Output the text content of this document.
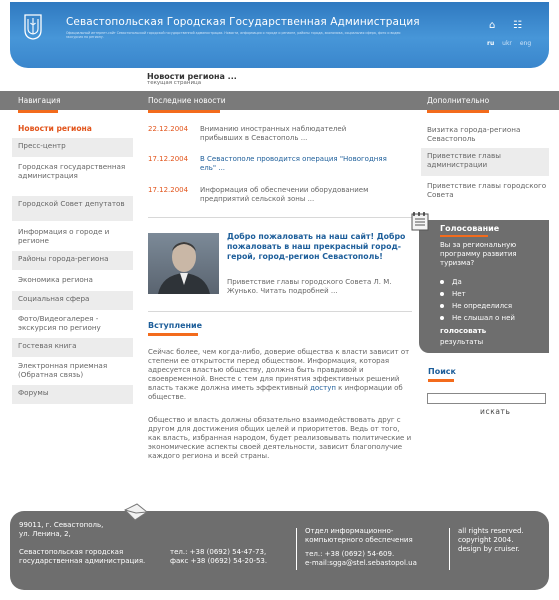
Севастопольская Городская Государственная Администрация
Официальный интернет-сайт Севастопольской городской государственной администрации. Новости, информация о городе и регионе, районы города, экономика, социальная сфера, фото и видео экскурсия по региону.
⌂ ☷
ru ukr eng
Новости региона ...
текущая страница
Навигация	Последние новости	Дополнительно
Новости региона
Пресс-центр
Городская государственная администрация
Городской Совет депутатов
Информация о городе и регионе
Районы города-региона
Экономика региона
Социальная сфера
Фото/Видеогалерея - экскурсия по региону
Гостевая книга
Электронная приемная (Обратная связь)
Форумы
22.12.2004 Вниманию иностранных наблюдателей прибывших в Севастополь ...
17.12.2004 В Севастополе проводится операция "Новогодняя ель" ...
17.12.2004 Информация об обеспечении оборудованием предприятий сельской зоны ...
Добро пожаловать на наш сайт! Добро пожаловать в наш прекрасный город-герой, город-регион Севастополь!
Приветствие главы городского Совета Л. М. Жунько. Читать подробней ...
Вступление
Сейчас более, чем когда-либо, доверие общества к власти зависит от степени ее открытости перед обществом. Информация, которая адресуется властью обществу, должна быть правдивой и своевременной. Внесте с тем для принятия эффективных решений власть также должна иметь эффективный доступ к информации об обществе.
Общество и власть должны обязательно взаимодействовать друг с другом для достижения общих целей и приоритетов. Ведь от того, как власть, избранная народом, будет реализовывать политические и экономические аспекты своей деятельности, зависит благополучие каждого региона и всей страны.
Визитка города-региона Севастополь
Приветствие главы администрации
Приветствие главы городского Совета
Голосование
Вы за региональную программу развития туризма?
Да
Нет
Не определился
Не слышал о ней
голосовать
результаты
Поиск
искать
99011, г. Севастополь,
ул. Ленина, 2,
Севастопольская городская
государственная администрация.
тел.: +38 (0692) 54-47-73,
факс +38 (0692) 54-20-53.
Отдел информационно-
компьютерного обеспечения
тел.: +38 (0692) 54-609.
e-mail:sgga@stel.sebastopol.ua
all rights reserved.
copyright 2004.
design by cruiser.
